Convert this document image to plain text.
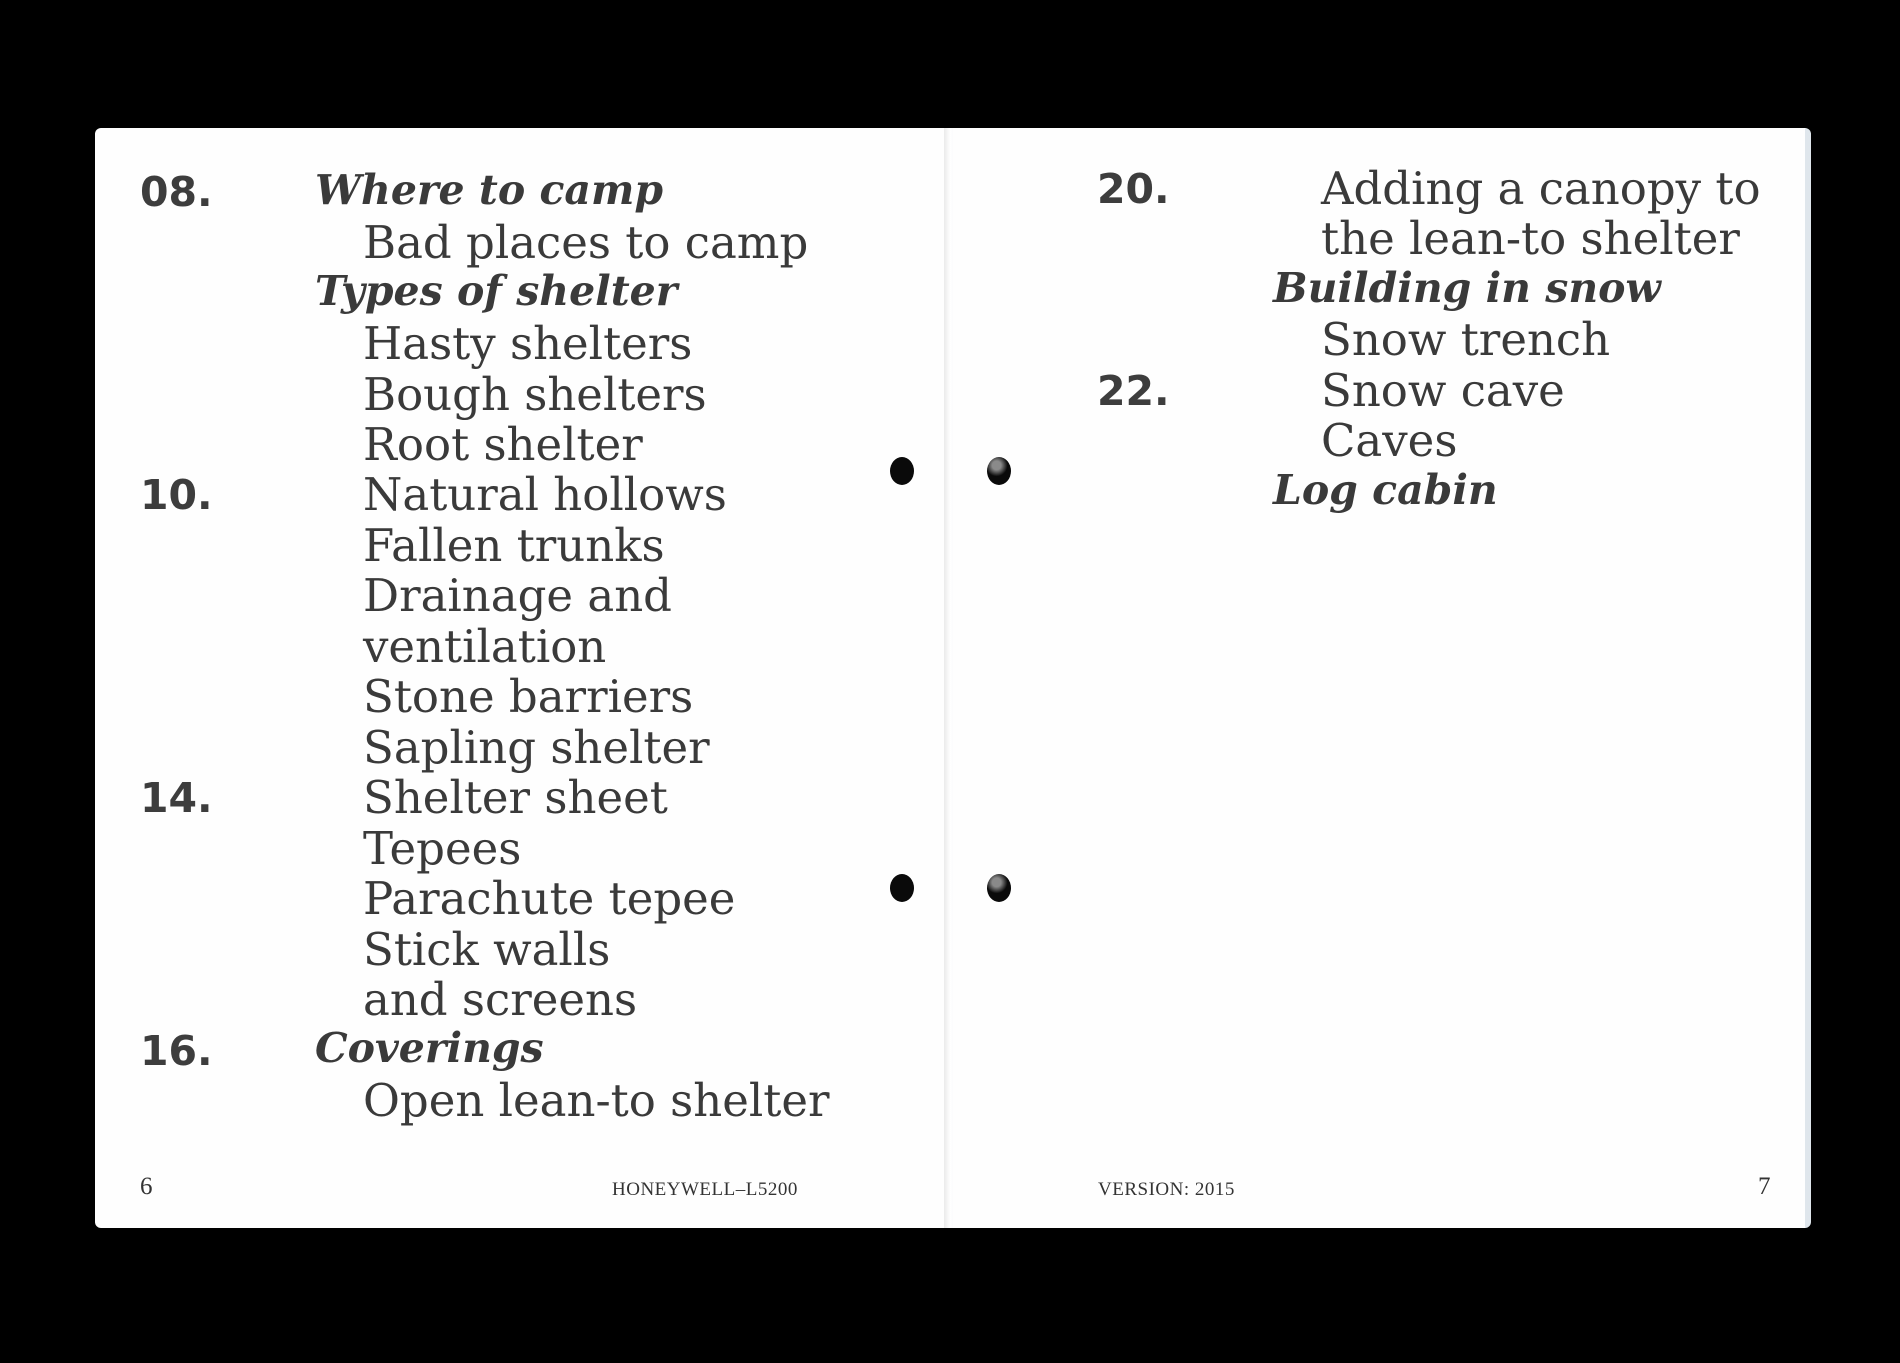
08. Where to camp
Bad places to camp
Types of shelter
Hasty shelters
Bough shelters
Root shelter
10.	Natural hollows
Fallen trunks
Drainage and
ventilation
Stone barriers
Sapling shelter
14.	Shelter sheet
Tepees
Parachute tepee
Stick walls
and screens
16. Coverings
Open lean-to shelter
6	HONEYWELL–L5200
20.	Adding a canopy to
the lean-to shelter
Building in snow
Snow trench
22.	Snow cave
Caves
Log cabin
VERSION: 2015	7
